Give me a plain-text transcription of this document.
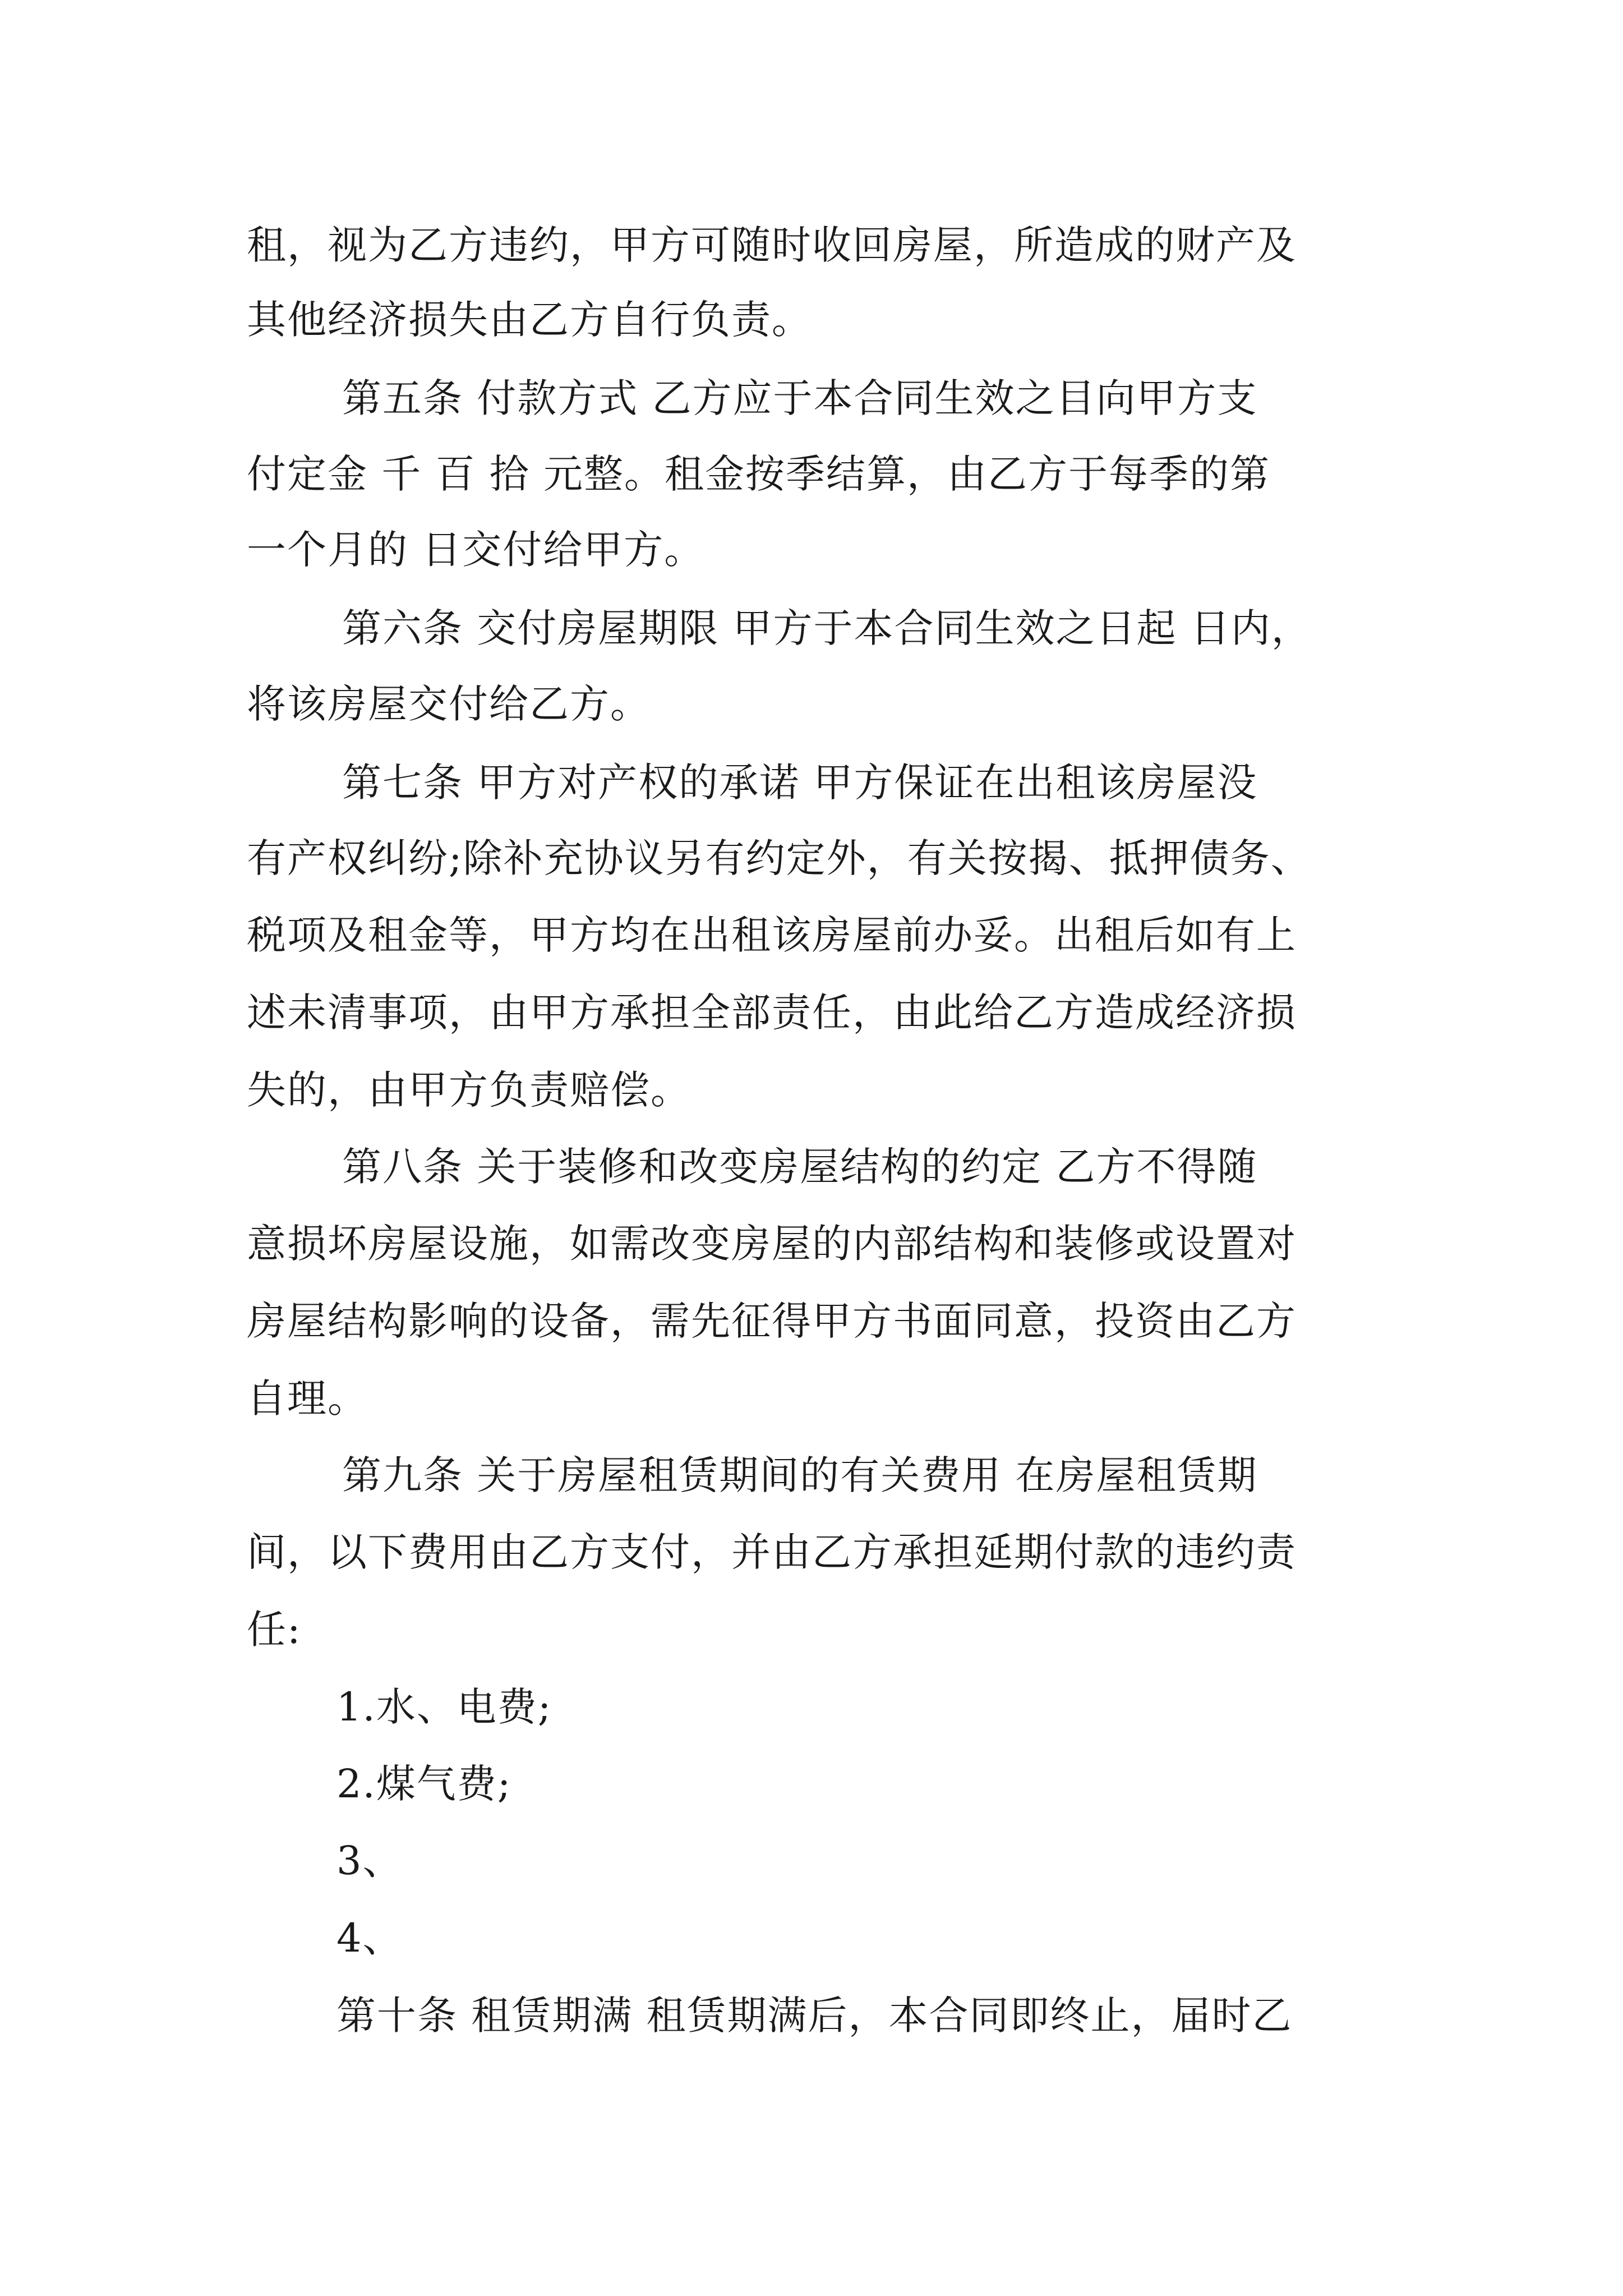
租，视为乙方违约，甲方可随时收回房屋，所造成的财产及
其他经济损失由乙方自行负责。
第五条 付款方式 乙方应于本合同生效之目向甲方支
付定金 千 百 拾 元整。租金按季结算，由乙方于每季的第
一个月的 日交付给甲方。
第六条 交付房屋期限 甲方于本合同生效之日起 日内，
将该房屋交付给乙方。
第七条 甲方对产权的承诺 甲方保证在出租该房屋没
有产权纠纷;除补充协议另有约定外，有关按揭、抵押债务、
税项及租金等，甲方均在出租该房屋前办妥。出租后如有上
述未清事项，由甲方承担全部责任，由此给乙方造成经济损
失的，由甲方负责赔偿。
第八条 关于装修和改变房屋结构的约定 乙方不得随
意损坏房屋设施，如需改变房屋的内部结构和装修或设置对
房屋结构影响的设备，需先征得甲方书面同意，投资由乙方
自理。
第九条 关于房屋租赁期间的有关费用 在房屋租赁期
间，以下费用由乙方支付，并由乙方承担延期付款的违约责
任:
1.水、电费;
2.煤气费;
3、
4、
第十条 租赁期满 租赁期满后，本合同即终止，届时乙
